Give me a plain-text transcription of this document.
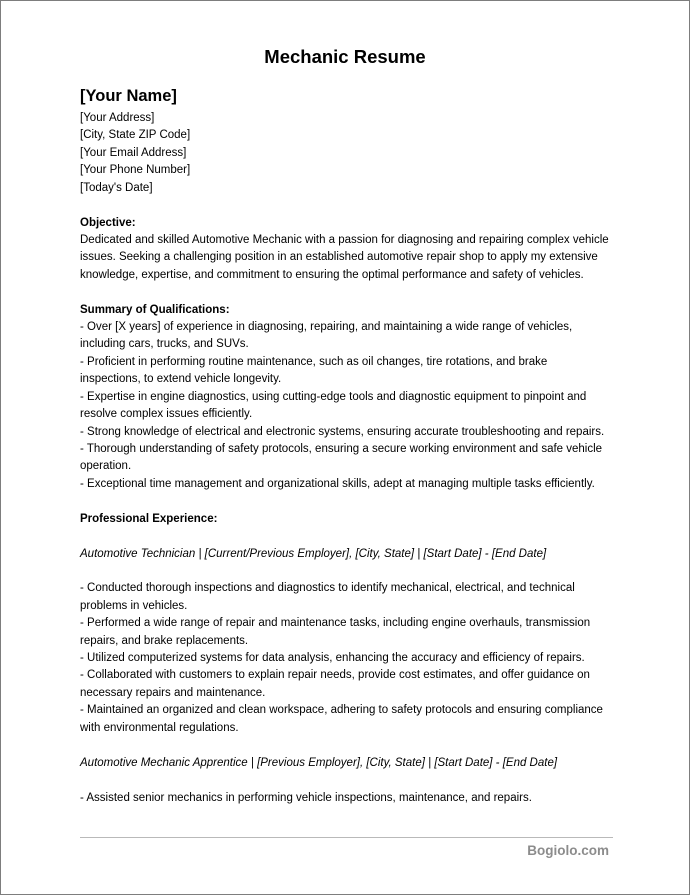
Mechanic Resume
[Your Name]

[Your Address]

[City, State ZIP Code]

[Your Email Address]

[Your Phone Number]

[Today's Date]

Objective:

Dedicated and skilled Automotive Mechanic with a passion for diagnosing and repairing complex vehicle

issues. Seeking a challenging position in an established automotive repair shop to apply my extensive

knowledge, expertise, and commitment to ensuring the optimal performance and safety of vehicles.

Summary of Qualifications:

- Over [X years] of experience in diagnosing, repairing, and maintaining a wide range of vehicles,

including cars, trucks, and SUVs.

- Proficient in performing routine maintenance, such as oil changes, tire rotations, and brake

inspections, to extend vehicle longevity.

- Expertise in engine diagnostics, using cutting-edge tools and diagnostic equipment to pinpoint and

resolve complex issues efficiently.

- Strong knowledge of electrical and electronic systems, ensuring accurate troubleshooting and repairs.

- Thorough understanding of safety protocols, ensuring a secure working environment and safe vehicle

operation.

- Exceptional time management and organizational skills, adept at managing multiple tasks efficiently.

Professional Experience:

Automotive Technician | [Current/Previous Employer], [City, State] | [Start Date] - [End Date]

- Conducted thorough inspections and diagnostics to identify mechanical, electrical, and technical

problems in vehicles.

- Performed a wide range of repair and maintenance tasks, including engine overhauls, transmission

repairs, and brake replacements.

- Utilized computerized systems for data analysis, enhancing the accuracy and efficiency of repairs.

- Collaborated with customers to explain repair needs, provide cost estimates, and offer guidance on

necessary repairs and maintenance.

- Maintained an organized and clean workspace, adhering to safety protocols and ensuring compliance

with environmental regulations.

Automotive Mechanic Apprentice | [Previous Employer], [City, State] | [Start Date] - [End Date]

- Assisted senior mechanics in performing vehicle inspections, maintenance, and repairs.

Bogiolo.com
